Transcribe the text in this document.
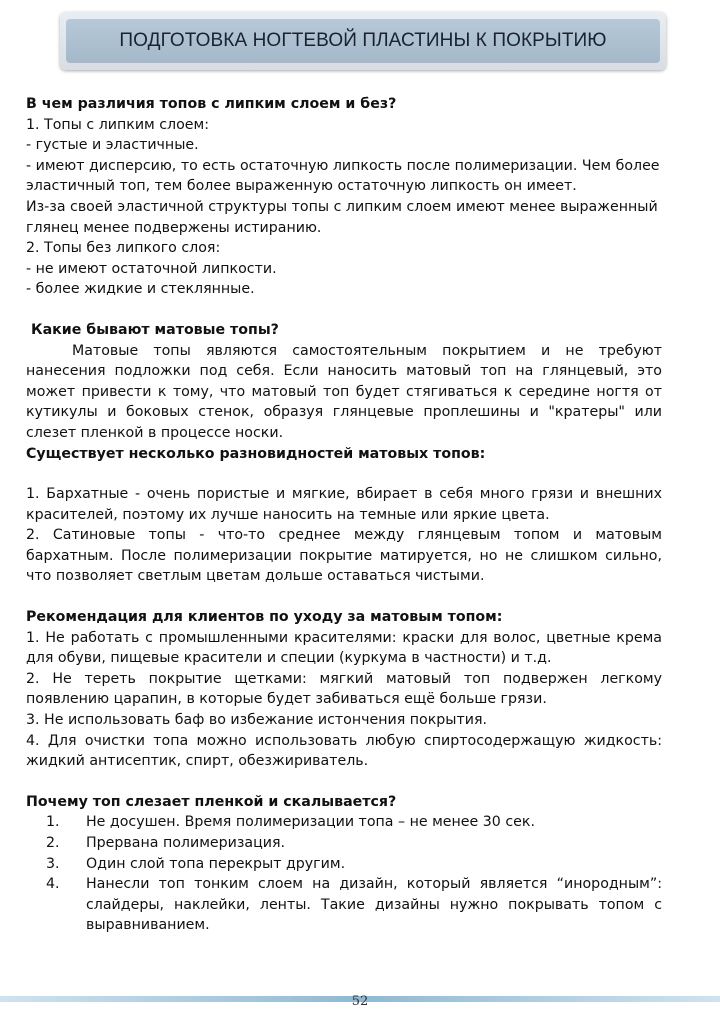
ПОДГОТОВКА НОГТЕВОЙ ПЛАСТИНЫ К ПОКРЫТИЮ

В чем различия топов с липким слоем и без?

1. Топы с липким слоем:

- густые и эластичные.

- имеют дисперсию, то есть остаточную липкость после полимеризации. Чем более эластичный топ, тем более выраженную остаточную липкость он имеет.

Из-за своей эластичной структуры топы с липким слоем имеют менее выраженный глянец менее подвержены истиранию.

2. Топы без липкого слоя:

- не имеют остаточной липкости.

- более жидкие и стеклянные.

Какие бывают матовые топы?

Матовые топы являются самостоятельным покрытием и не требуют нанесения подложки под себя. Если наносить матовый топ на глянцевый, это может привести к тому, что матовый топ будет стягиваться к середине ногтя от кутикулы и боковых стенок, образуя глянцевые проплешины и "кратеры" или слезет пленкой в процессе носки.

Существует несколько разновидностей матовых топов:

1. Бархатные - очень пористые и мягкие, вбирает в себя много грязи и внешних красителей, поэтому их лучше наносить на темные или яркие цвета.

2. Сатиновые топы - что-то среднее между глянцевым топом и матовым бархатным. После полимеризации покрытие матируется, но не слишком сильно, что позволяет светлым цветам дольше оставаться чистыми.

Рекомендация для клиентов по уходу за матовым топом:

1. Не работать с промышленными красителями: краски для волос, цветные крема для обуви, пищевые красители и специи (куркума в частности) и т.д.

2. Не тереть покрытие щетками: мягкий матовый топ подвержен легкому появлению царапин, в которые будет забиваться ещё больше грязи.

3. Не использовать баф во избежание истончения покрытия.

4. Для очистки топа можно использовать любую спиртосодержащую жидкость: жидкий антисептик, спирт, обезжириватель.

Почему топ слезает пленкой и скалывается?

1. Не досушен. Время полимеризации топа – не менее 30 сек.
2. Прервана полимеризация.
3. Один слой топа перекрыт другим.
4. Нанесли топ тонким слоем на дизайн, который является “инородным”: слайдеры, наклейки, ленты. Такие дизайны нужно покрывать топом с выравниванием.
52
